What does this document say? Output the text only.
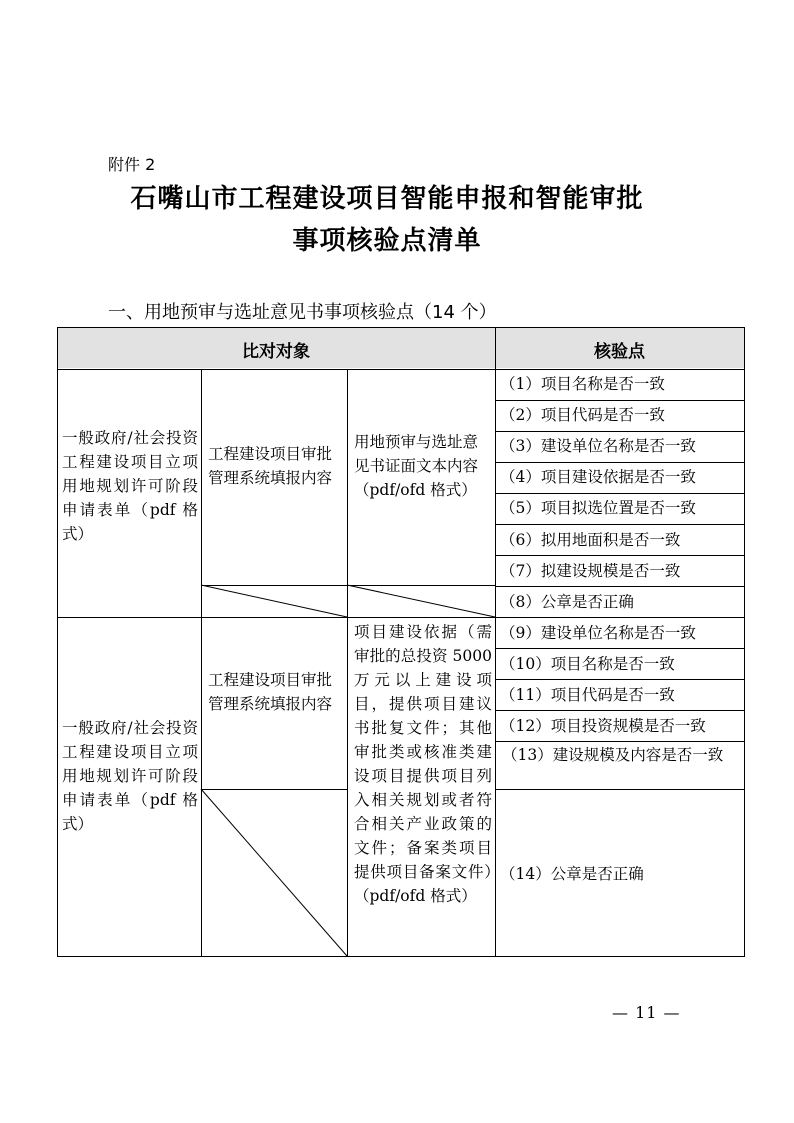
附件 2
石嘴山市工程建设项目智能申报和智能审批
事项核验点清单
一、用地预审与选址意见书事项核验点（14 个）
比对对象	核验点
一般政府/社会投资工程建设项目立项用地规划许可阶段申请表单（pdf 格式）
工程建设项目审批管理系统填报内容
用地预审与选址意见书证面文本内容（pdf/ofd 格式）
（1）项目名称是否一致
（2）项目代码是否一致
（3）建设单位名称是否一致
（4）项目建设依据是否一致
（5）项目拟选位置是否一致
（6）拟用地面积是否一致
（7）拟建设规模是否一致
（8）公章是否正确
一般政府/社会投资工程建设项目立项用地规划许可阶段申请表单（pdf 格式）
工程建设项目审批管理系统填报内容
项目建设依据（需审批的总投资 5000 万元以上建设项目，提供项目建议书批复文件；其他审批类或核准类建设项目提供项目列入相关规划或者符合相关产业政策的文件；备案类项目提供项目备案文件）（pdf/ofd 格式）
（9）建设单位名称是否一致
（10）项目名称是否一致
（11）项目代码是否一致
（12）项目投资规模是否一致
（13）建设规模及内容是否一致
（14）公章是否正确
— 11 —
